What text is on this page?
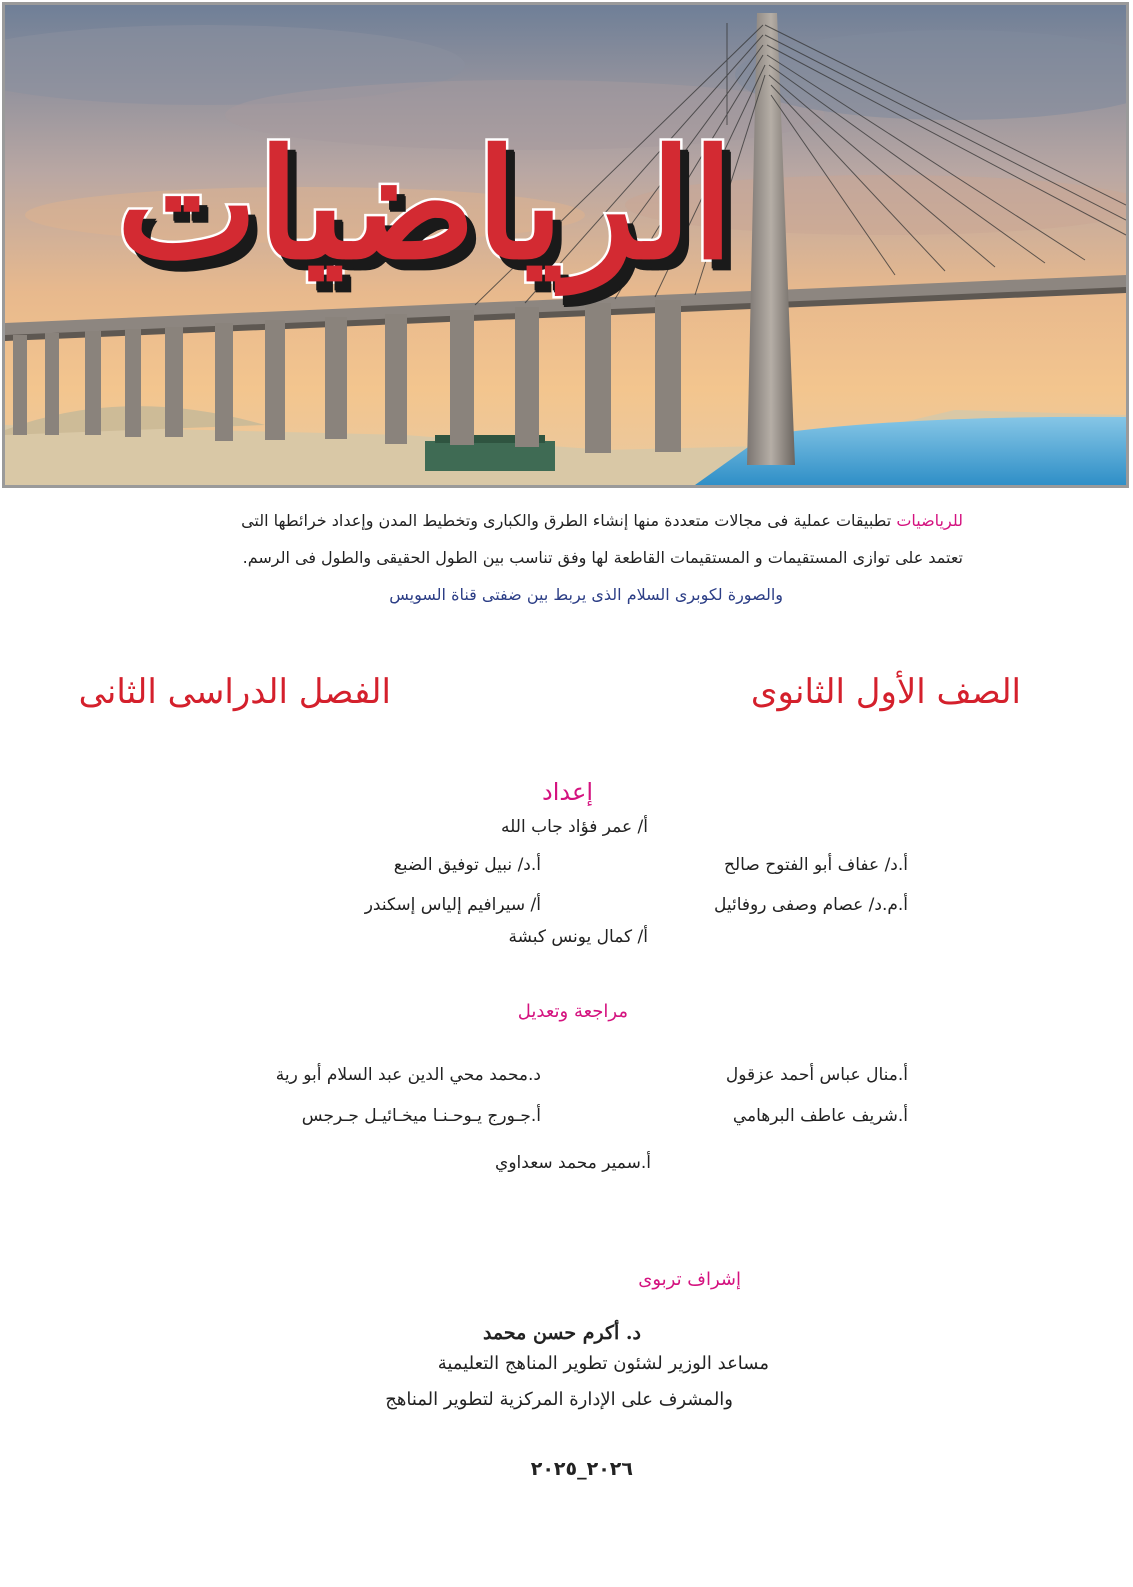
الرياضيات
للرياضيات تطبيقات عملية فى مجالات متعددة منها إنشاء الطرق والكبارى وتخطيط المدن وإعداد خرائطها التى
تعتمد على توازى المستقيمات و المستقيمات القاطعة لها وفق تناسب بين الطول الحقيقى والطول فى الرسم.
والصورة لكوبرى السلام الذى يربط بين ضفتى قناة السويس
الصف الأول الثانوى
الفصل الدراسى الثانى
إعداد
أ/ عمر فؤاد جاب الله
أ.د/ عفاف أبو الفتوح صالح
أ.د/ نبيل توفيق الضبع
أ.م.د/ عصام وصفى روفائيل
أ/ سيرافيم إلياس إسكندر
أ/ كمال يونس كبشة
مراجعة وتعديل
أ.منال عباس أحمد عزقول
د.محمد محي الدين عبد السلام أبو رية
أ.شريف عاطف البرهامي
أ.جـورج يـوحـنـا ميخـائيـل جـرجس
أ.سمير محمد سعداوي
إشراف تربوى
د. أكرم حسن محمد
مساعد الوزير لشئون تطوير المناهج التعليمية
والمشرف على الإدارة المركزية لتطوير المناهج
٢٠٢٦_٢٠٢٥
